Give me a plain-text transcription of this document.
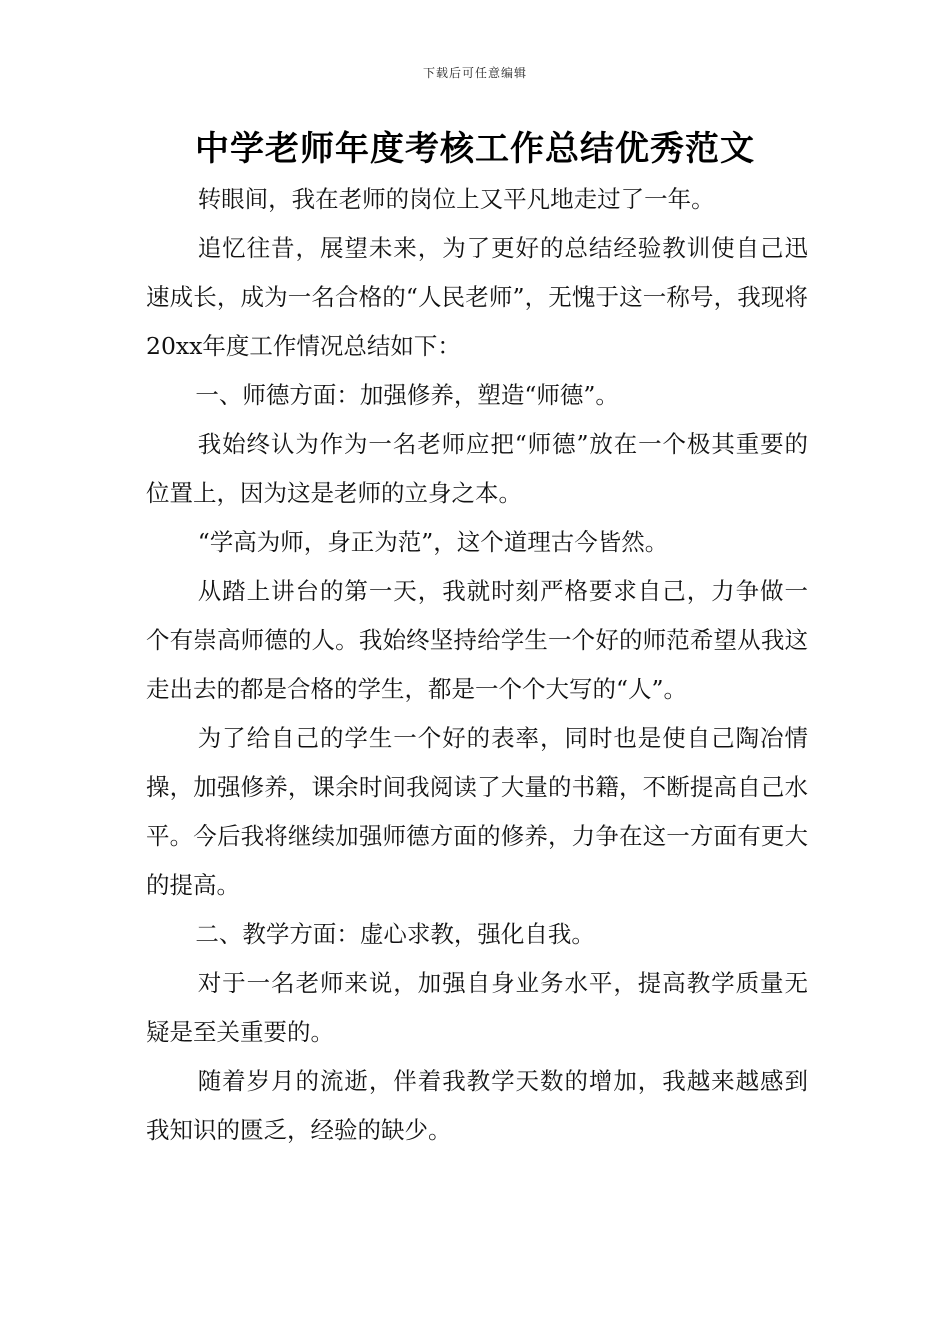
下载后可任意编辑
中学老师年度考核工作总结优秀范文

转眼间，我在老师的岗位上又平凡地走过了一年。

追忆往昔，展望未来，为了更好的总结经验教训使自己迅速成长，成为一名合格的“人民老师”，无愧于这一称号，我现将20xx年度工作情况总结如下：

一、师德方面：加强修养，塑造“师德”。

我始终认为作为一名老师应把“师德”放在一个极其重要的位置上，因为这是老师的立身之本。

“学高为师，身正为范”，这个道理古今皆然。

从踏上讲台的第一天，我就时刻严格要求自己，力争做一个有崇高师德的人。我始终坚持给学生一个好的师范希望从我这走出去的都是合格的学生，都是一个个大写的“人”。

为了给自己的学生一个好的表率，同时也是使自己陶冶情操，加强修养，课余时间我阅读了大量的书籍，不断提高自己水平。今后我将继续加强师德方面的修养，力争在这一方面有更大的提高。

二、教学方面：虚心求教，强化自我。

对于一名老师来说，加强自身业务水平，提高教学质量无疑是至关重要的。

随着岁月的流逝，伴着我教学天数的增加，我越来越感到我知识的匮乏，经验的缺少。
